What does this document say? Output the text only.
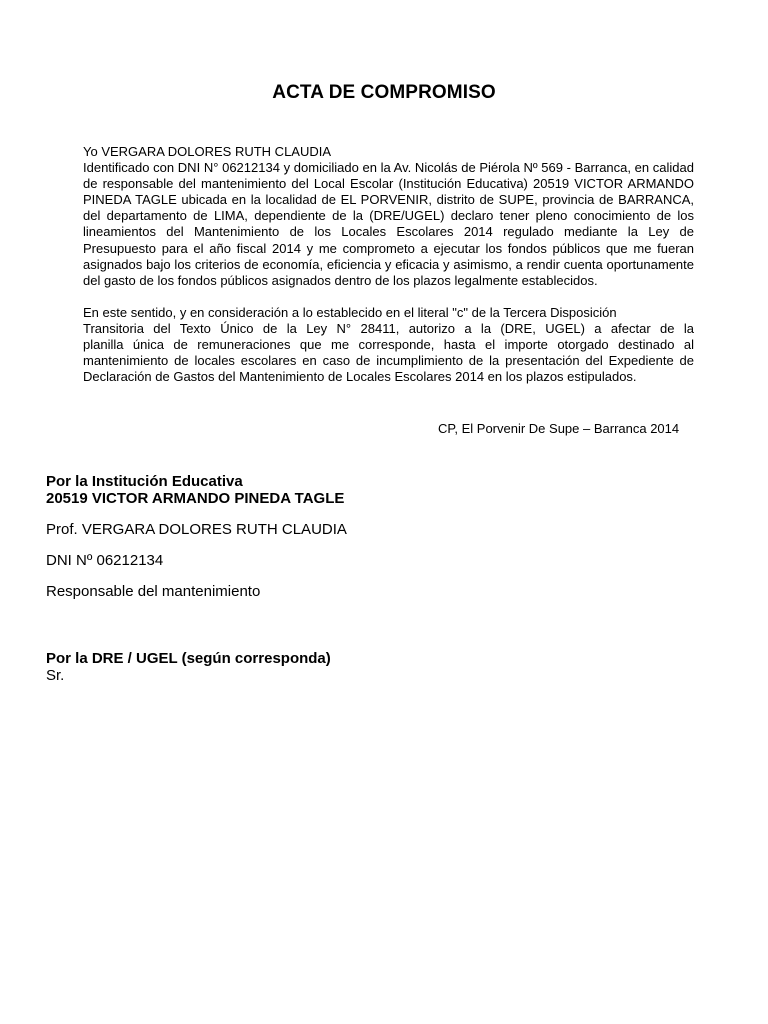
ACTA DE COMPROMISO
Yo VERGARA DOLORES RUTH CLAUDIA
Identificado con DNI N° 06212134 y domiciliado en la Av. Nicolás de Piérola Nº 569 - Barranca, en calidad
de responsable del mantenimiento del Local Escolar (Institución Educativa) 20519 VICTOR ARMANDO
PINEDA TAGLE ubicada en la localidad de EL PORVENIR, distrito de SUPE, provincia de BARRANCA,
del departamento de LIMA, dependiente de la (DRE/UGEL) declaro tener pleno conocimiento de los
lineamientos del Mantenimiento de los Locales Escolares 2014 regulado mediante la Ley de
Presupuesto para el año fiscal 2014 y me comprometo a ejecutar los fondos públicos que me fueran
asignados bajo los criterios de economía, eficiencia y eficacia y asimismo, a rendir cuenta oportunamente
del gasto de los fondos públicos asignados dentro de los plazos legalmente establecidos.
En este sentido, y en consideración a lo establecido en el literal "c" de la Tercera Disposición
Transitoria del Texto Único de la Ley N° 28411, autorizo a la (DRE, UGEL) a afectar de la
planilla única de remuneraciones que me corresponde, hasta el importe otorgado destinado al
mantenimiento de locales escolares en caso de incumplimiento de la presentación del Expediente de
Declaración de Gastos del Mantenimiento de Locales Escolares 2014 en los plazos estipulados.
CP, El Porvenir De Supe – Barranca 2014
Por la Institución Educativa
20519 VICTOR ARMANDO PINEDA TAGLE
Prof. VERGARA DOLORES RUTH CLAUDIA
DNI Nº 06212134
Responsable del mantenimiento
Por la DRE / UGEL (según corresponda)
Sr.
